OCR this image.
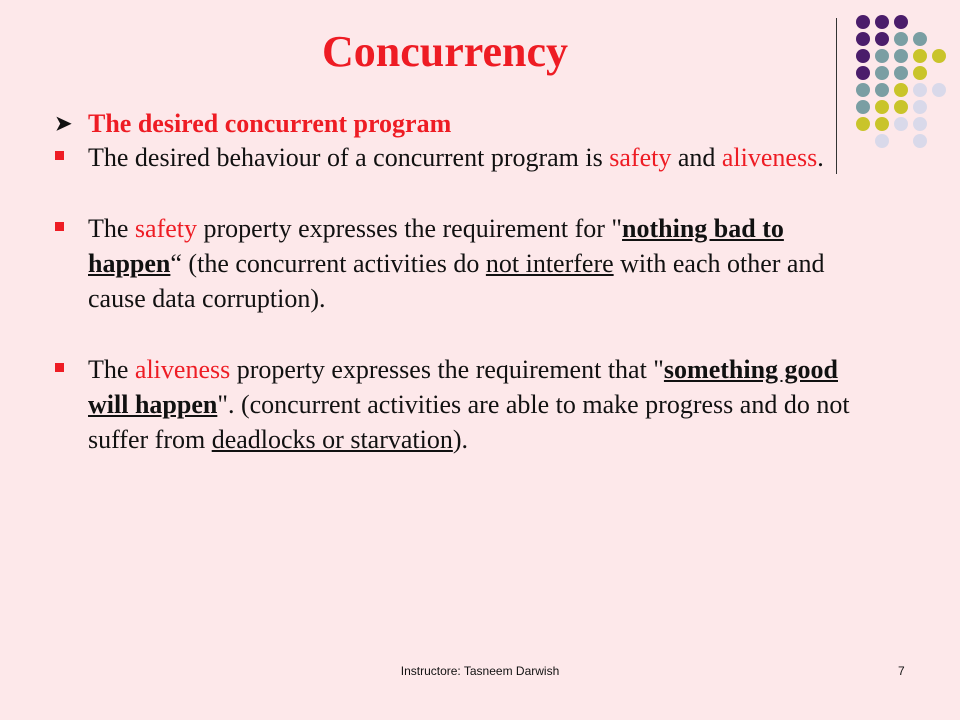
Concurrency
➤ The desired concurrent program
The desired behaviour of a concurrent program is safety and aliveness.
The safety property expresses the requirement for "nothing bad to happen“ (the concurrent activities do not interfere with each other and cause data corruption).
The aliveness property expresses the requirement that "something good will happen". (concurrent activities are able to make progress and do not suffer from deadlocks or starvation).
Instructore: Tasneem Darwish	7
